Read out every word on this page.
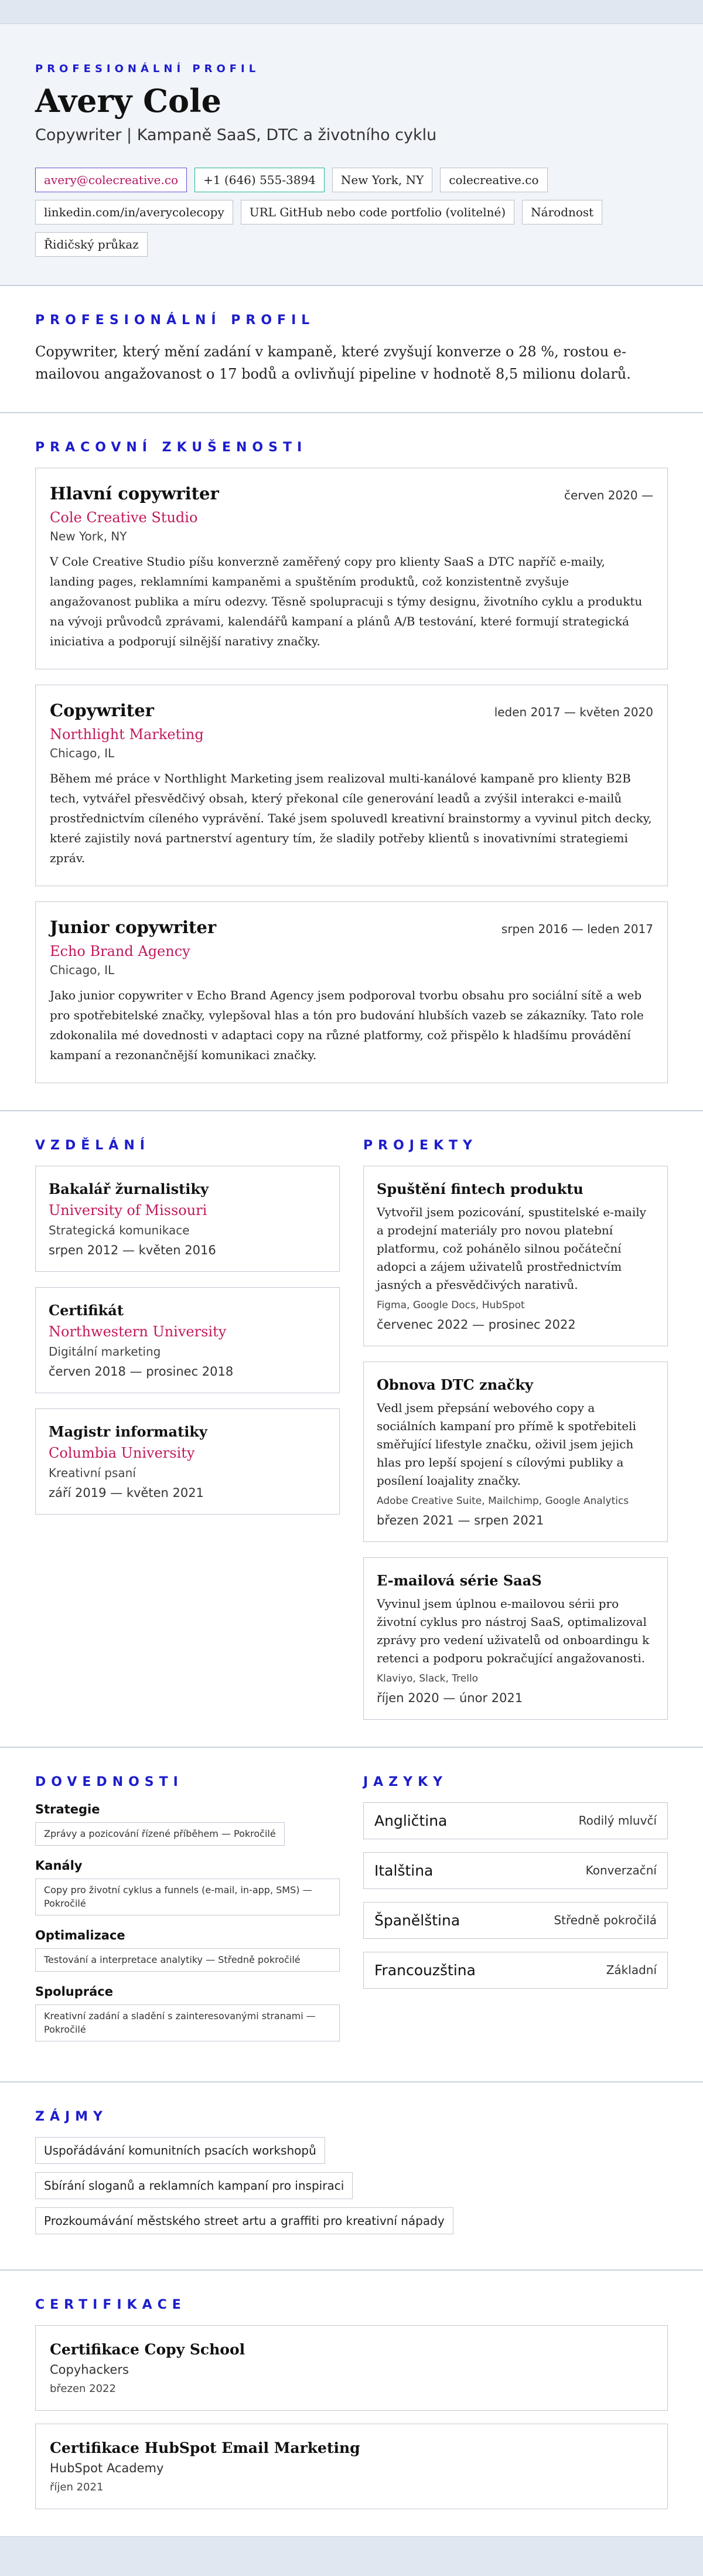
PROFESIONÁLNÍ PROFIL
Avery Cole
Copywriter | Kampaně SaaS, DTC a životního cyklu
avery@colecreative.co	+1 (646) 555-3894	New York, NY	colecreative.co
linkedin.com/in/averycolecopy	URL GitHub nebo code portfolio (volitelné)	Národnost
Řidičský průkaz
PROFESIONÁLNÍ PROFIL

Copywriter, který mění zadání v kampaně, které zvyšují konverze o 28 %, rostou e-mailovou angažovanost o 17 bodů a ovlivňují pipeline v hodnotě 8,5 milionu dolarů.

PRACOVNÍ ZKUŠENOSTI
Hlavní copywriter	červen 2020 —
Cole Creative Studio
New York, NY

V Cole Creative Studio píšu konverzně zaměřený copy pro klienty SaaS a DTC napříč e-maily, landing pages, reklamními kampaněmi a spuštěním produktů, což konzistentně zvyšuje angažovanost publika a míru odezvy. Těsně spolupracuji s týmy designu, životního cyklu a produktu na vývoji průvodců zprávami, kalendářů kampaní a plánů A/B testování, které formují strategická iniciativa a podporují silnější narativy značky.

Copywriter	leden 2017 — květen 2020
Northlight Marketing
Chicago, IL

Během mé práce v Northlight Marketing jsem realizoval multi-kanálové kampaně pro klienty B2B tech, vytvářel přesvědčivý obsah, který překonal cíle generování leadů a zvýšil interakci e-mailů prostřednictvím cíleného vyprávění. Také jsem spoluvedl kreativní brainstormy a vyvinul pitch decky, které zajistily nová partnerství agentury tím, že sladily potřeby klientů s inovativními strategiemi zpráv.

Junior copywriter	srpen 2016 — leden 2017
Echo Brand Agency
Chicago, IL

Jako junior copywriter v Echo Brand Agency jsem podporoval tvorbu obsahu pro sociální sítě a web pro spotřebitelské značky, vylepšoval hlas a tón pro budování hlubších vazeb se zákazníky. Tato role zdokonalila mé dovednosti v adaptaci copy na různé platformy, což přispělo k hladšímu provádění kampaní a rezonančnější komunikaci značky.

VZDĚLÁNÍ
Bakalář žurnalistiky
University of Missouri
Strategická komunikace
srpen 2012 — květen 2016
Certifikát
Northwestern University
Digitální marketing
červen 2018 — prosinec 2018
Magistr informatiky
Columbia University
Kreativní psaní
září 2019 — květen 2021
PROJEKTY
Spuštění fintech produktu

Vytvořil jsem pozicování, spustitelské e-maily a prodejní materiály pro novou platební platformu, což pohánělo silnou počáteční adopci a zájem uživatelů prostřednictvím jasných a přesvědčivých narativů.

Figma, Google Docs, HubSpot
červenec 2022 — prosinec 2022
Obnova DTC značky

Vedl jsem přepsání webového copy a sociálních kampaní pro přímě k spotřebiteli směřující lifestyle značku, oživil jsem jejich hlas pro lepší spojení s cílovými publiky a posílení loajality značky.

Adobe Creative Suite, Mailchimp, Google Analytics
březen 2021 — srpen 2021
E-mailová série SaaS

Vyvinul jsem úplnou e-mailovou sérii pro životní cyklus pro nástroj SaaS, optimalizoval zprávy pro vedení uživatelů od onboardingu k retenci a podporu pokračující angažovanosti.

Klaviyo, Slack, Trello
říjen 2020 — únor 2021
DOVEDNOSTI
Strategie
Zprávy a pozicování řízené příběhem — Pokročilé
Kanály
Copy pro životní cyklus a funnels (e-mail, in-app, SMS) — Pokročilé
Optimalizace
Testování a interpretace analytiky — Středně pokročilé
Spolupráce
Kreativní zadání a sladění s zainteresovanými stranami — Pokročilé
JAZYKY
Angličtina	Rodilý mluvčí
Italština	Konverzační
Španělština	Středně pokročilá
Francouzština	Základní
ZÁJMY
Uspořádávání komunitních psacích workshopů
Sbírání sloganů a reklamních kampaní pro inspiraci
Prozkoumávání městského street artu a graffiti pro kreativní nápady
CERTIFIKACE
Certifikace Copy School
Copyhackers
březen 2022
Certifikace HubSpot Email Marketing
HubSpot Academy
říjen 2021
